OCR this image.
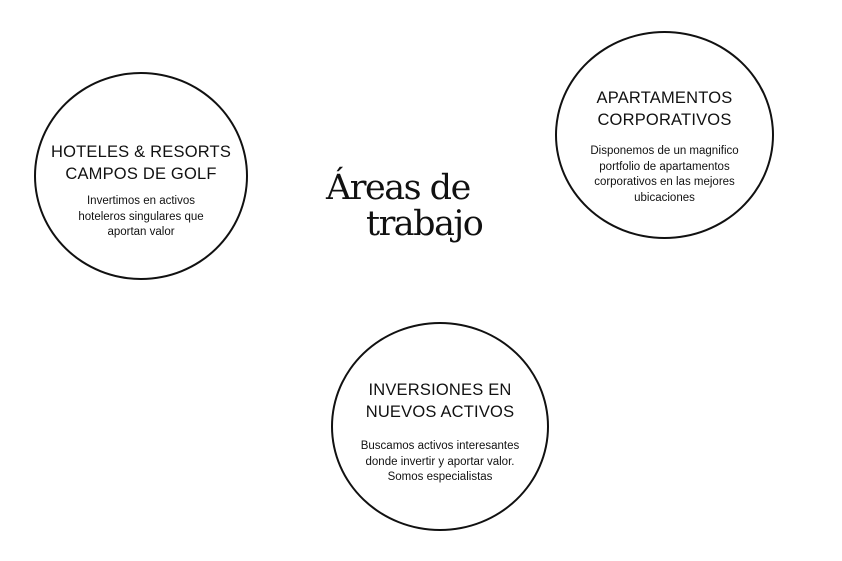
HOTELES & RESORTS
CAMPOS DE GOLF
Invertimos en activos hoteleros singulares que aportan valor
APARTAMENTOS
CORPORATIVOS
Disponemos de un magnifico portfolio de apartamentos corporativos en las mejores ubicaciones
Áreas de
trabajo
INVERSIONES EN
NUEVOS ACTIVOS
Buscamos activos interesantes donde invertir y aportar valor. Somos especialistas
